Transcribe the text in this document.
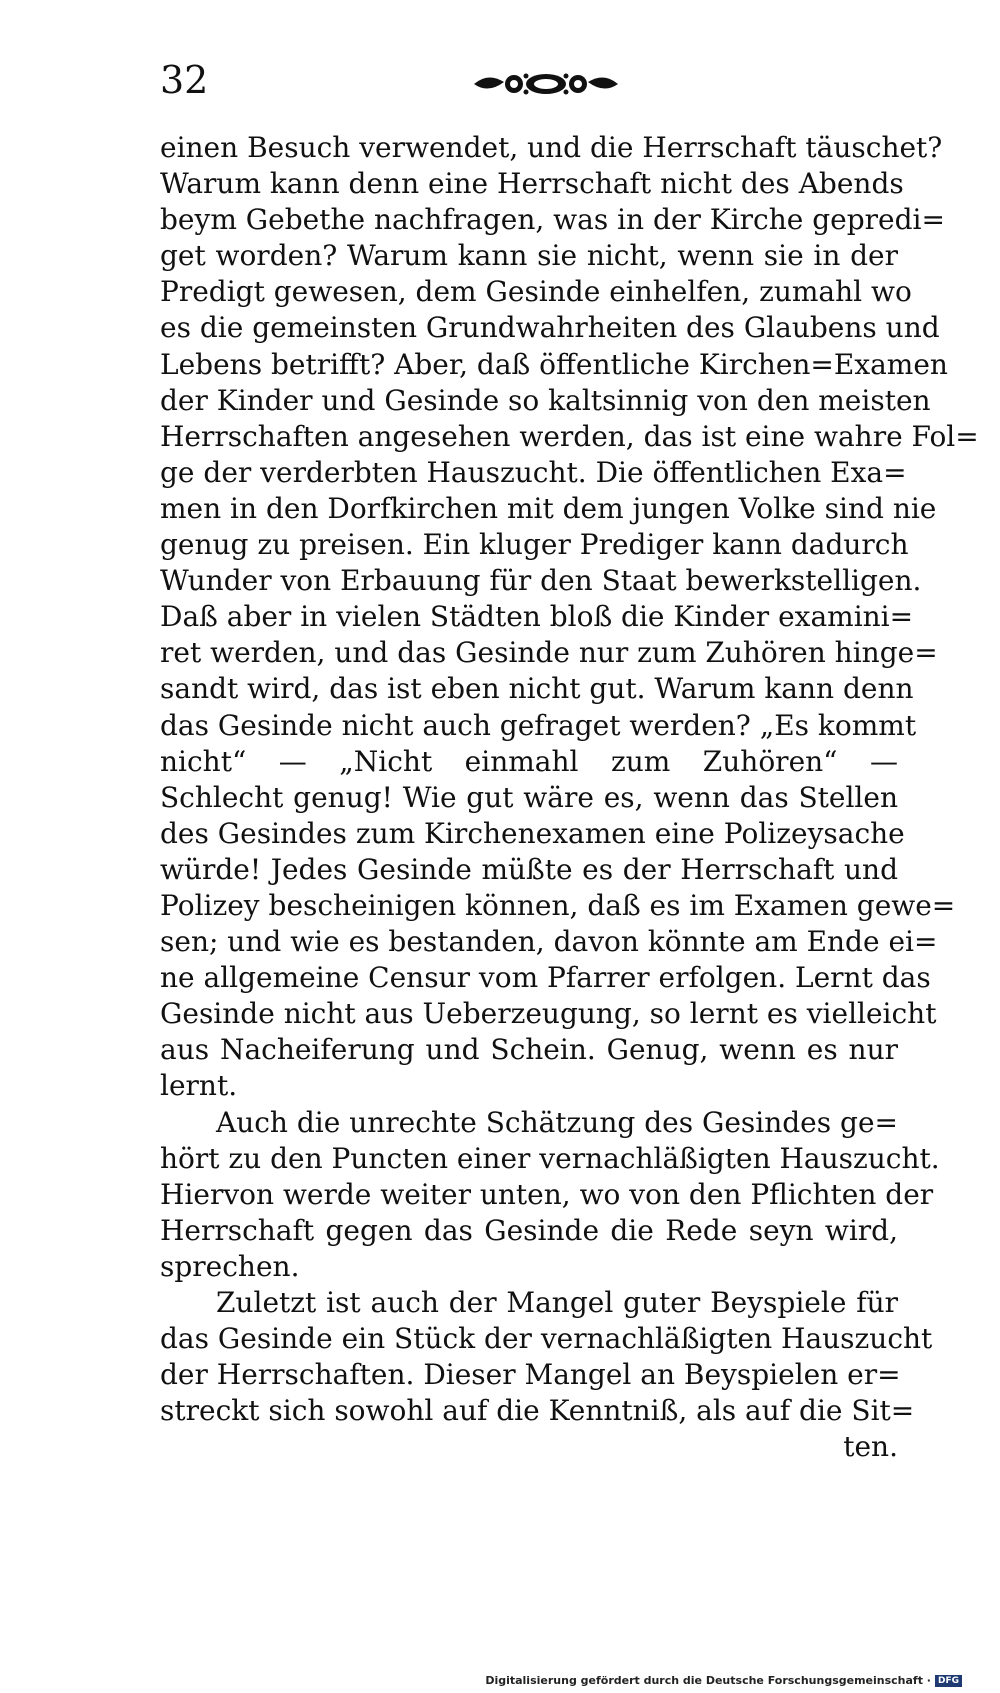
32
einen Besuch verwendet, und die Herrschaft täuschet?
Warum kann denn eine Herrschaft nicht des Abends
beym Gebethe nachfragen, was in der Kirche gepredi=
get worden? Warum kann sie nicht, wenn sie in der
Predigt gewesen, dem Gesinde einhelfen, zumahl wo
es die gemeinsten Grundwahrheiten des Glaubens und
Lebens betrifft? Aber, daß öffentliche Kirchen=Examen
der Kinder und Gesinde so kaltsinnig von den meisten
Herrschaften angesehen werden, das ist eine wahre Fol=
ge der verderbten Hauszucht. Die öffentlichen Exa=
men in den Dorfkirchen mit dem jungen Volke sind nie
genug zu preisen. Ein kluger Prediger kann dadurch
Wunder von Erbauung für den Staat bewerkstelligen.
Daß aber in vielen Städten bloß die Kinder examini=
ret werden, und das Gesinde nur zum Zuhören hinge=
sandt wird, das ist eben nicht gut. Warum kann denn
das Gesinde nicht auch gefraget werden? „Es kommt
nicht“ — „Nicht einmahl zum Zuhören“ —
Schlecht genug! Wie gut wäre es, wenn das Stellen
des Gesindes zum Kirchenexamen eine Polizeysache
würde! Jedes Gesinde müßte es der Herrschaft und
Polizey bescheinigen können, daß es im Examen gewe=
sen; und wie es bestanden, davon könnte am Ende ei=
ne allgemeine Censur vom Pfarrer erfolgen. Lernt das
Gesinde nicht aus Ueberzeugung, so lernt es vielleicht
aus Nacheiferung und Schein. Genug, wenn es nur
lernt.
Auch die unrechte Schätzung des Gesindes ge=
hört zu den Puncten einer vernachläßigten Hauszucht.
Hiervon werde weiter unten, wo von den Pflichten der
Herrschaft gegen das Gesinde die Rede seyn wird,
sprechen.
Zuletzt ist auch der Mangel guter Beyspiele für
das Gesinde ein Stück der vernachläßigten Hauszucht
der Herrschaften. Dieser Mangel an Beyspielen er=
streckt sich sowohl auf die Kenntniß, als auf die Sit=
ten.
Digitalisierung gefördert durch die Deutsche Forschungsgemeinschaft · DFG
